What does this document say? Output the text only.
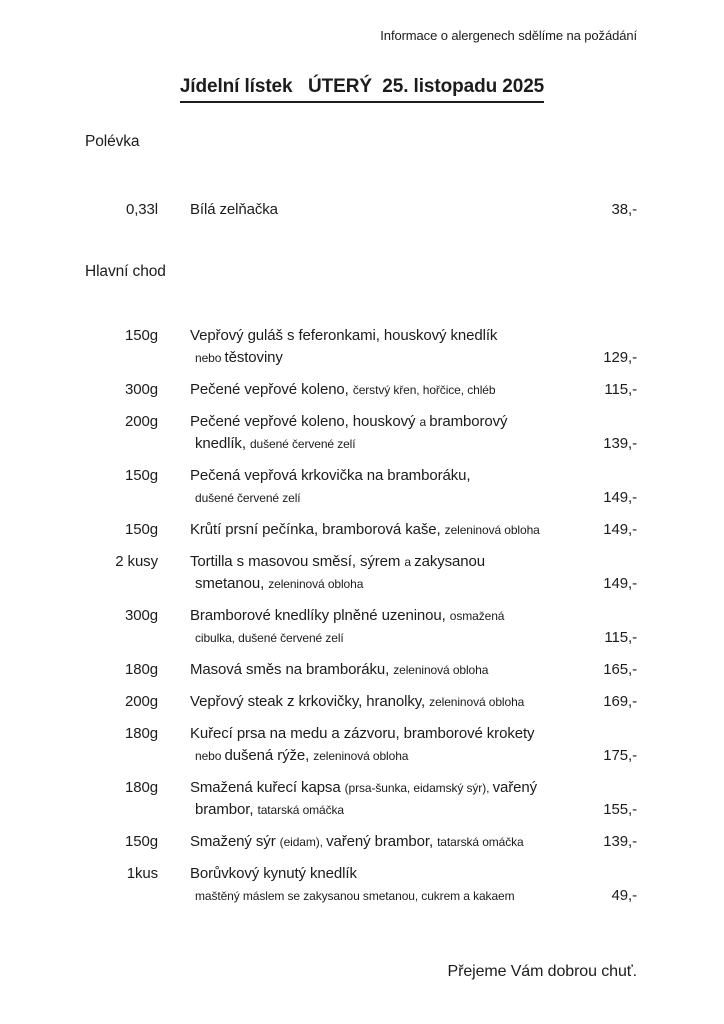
Informace o alergenech sdělíme na požádání
Jídelní lístek   ÚTERÝ  25. listopadu 2025
Polévka
0,33l Bílá zelňačka	38,-
Hlavní chod
150g Vepřový guláš s feferonkami, houskový knedlík
nebo těstoviny	129,-
300g Pečené vepřové koleno, čerstvý křen, hořčice, chléb	115,-
200g Pečené vepřové koleno, houskový a bramborový
knedlík, dušené červené zelí	139,-
150g Pečená vepřová krkovička na bramboráku,
dušené červené zelí	149,-
150g Krůtí prsní pečínka, bramborová kaše, zeleninová obloha	149,-
2 kusy Tortilla s masovou směsí, sýrem a zakysanou
smetanou, zeleninová obloha	149,-
300g Bramborové knedlíky plněné uzeninou, osmažená
cibulka, dušené červené zelí	115,-
180g Masová směs na bramboráku, zeleninová obloha	165,-
200g Vepřový steak z krkovičky, hranolky, zeleninová obloha	169,-
180g Kuřecí prsa na medu a zázvoru, bramborové krokety
nebo dušená rýže, zeleninová obloha	175,-
180g Smažená kuřecí kapsa (prsa-šunka, eidamský sýr), vařený
brambor, tatarská omáčka	155,-
150g Smažený sýr (eidam), vařený brambor, tatarská omáčka	139,-
1kus Borůvkový kynutý knedlík
maštěný máslem se zakysanou smetanou, cukrem a kakaem	49,-
Přejeme Vám dobrou chuť.
